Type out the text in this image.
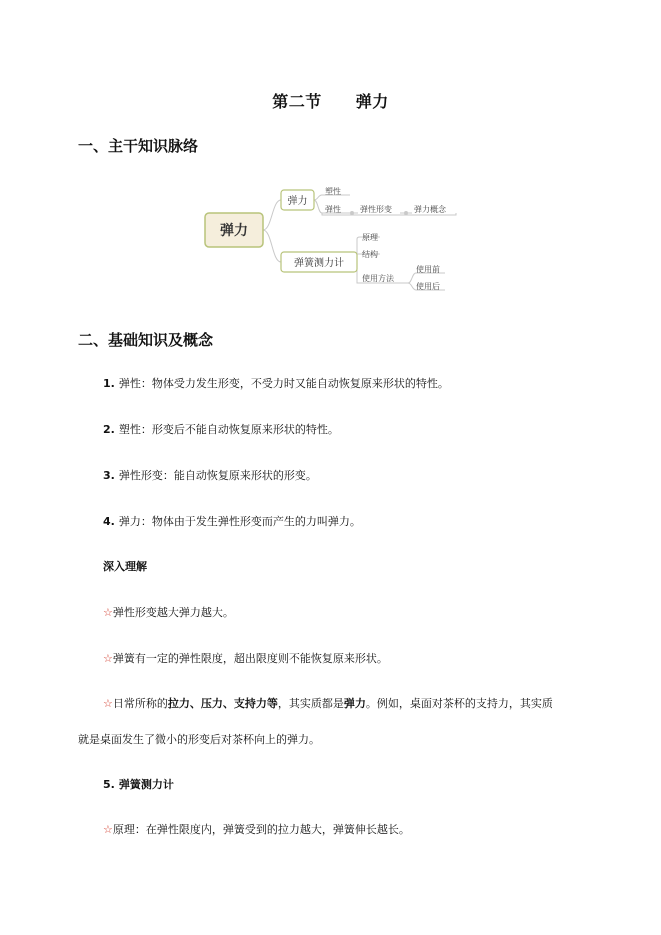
第二节 弹力
一、主干知识脉络
弹力
弹力
弹簧测力计
塑性
弹性 弹性形变	弹力概念
原理
结构
使用方法
使用前
使用后
二、基础知识及概念
1. 弹性：物体受力发生形变，不受力时又能自动恢复原来形状的特性。
2. 塑性：形变后不能自动恢复原来形状的特性。
3. 弹性形变：能自动恢复原来形状的形变。
4. 弹力：物体由于发生弹性形变而产生的力叫弹力。
深入理解
☆弹性形变越大弹力越大。
☆弹簧有一定的弹性限度，超出限度则不能恢复原来形状。
☆日常所称的拉力、压力、支持力等，其实质都是弹力。例如，桌面对茶杯的支持力，其实质
就是桌面发生了微小的形变后对茶杯向上的弹力。
5. 弹簧测力计
☆原理：在弹性限度内，弹簧受到的拉力越大，弹簧伸长越长。
